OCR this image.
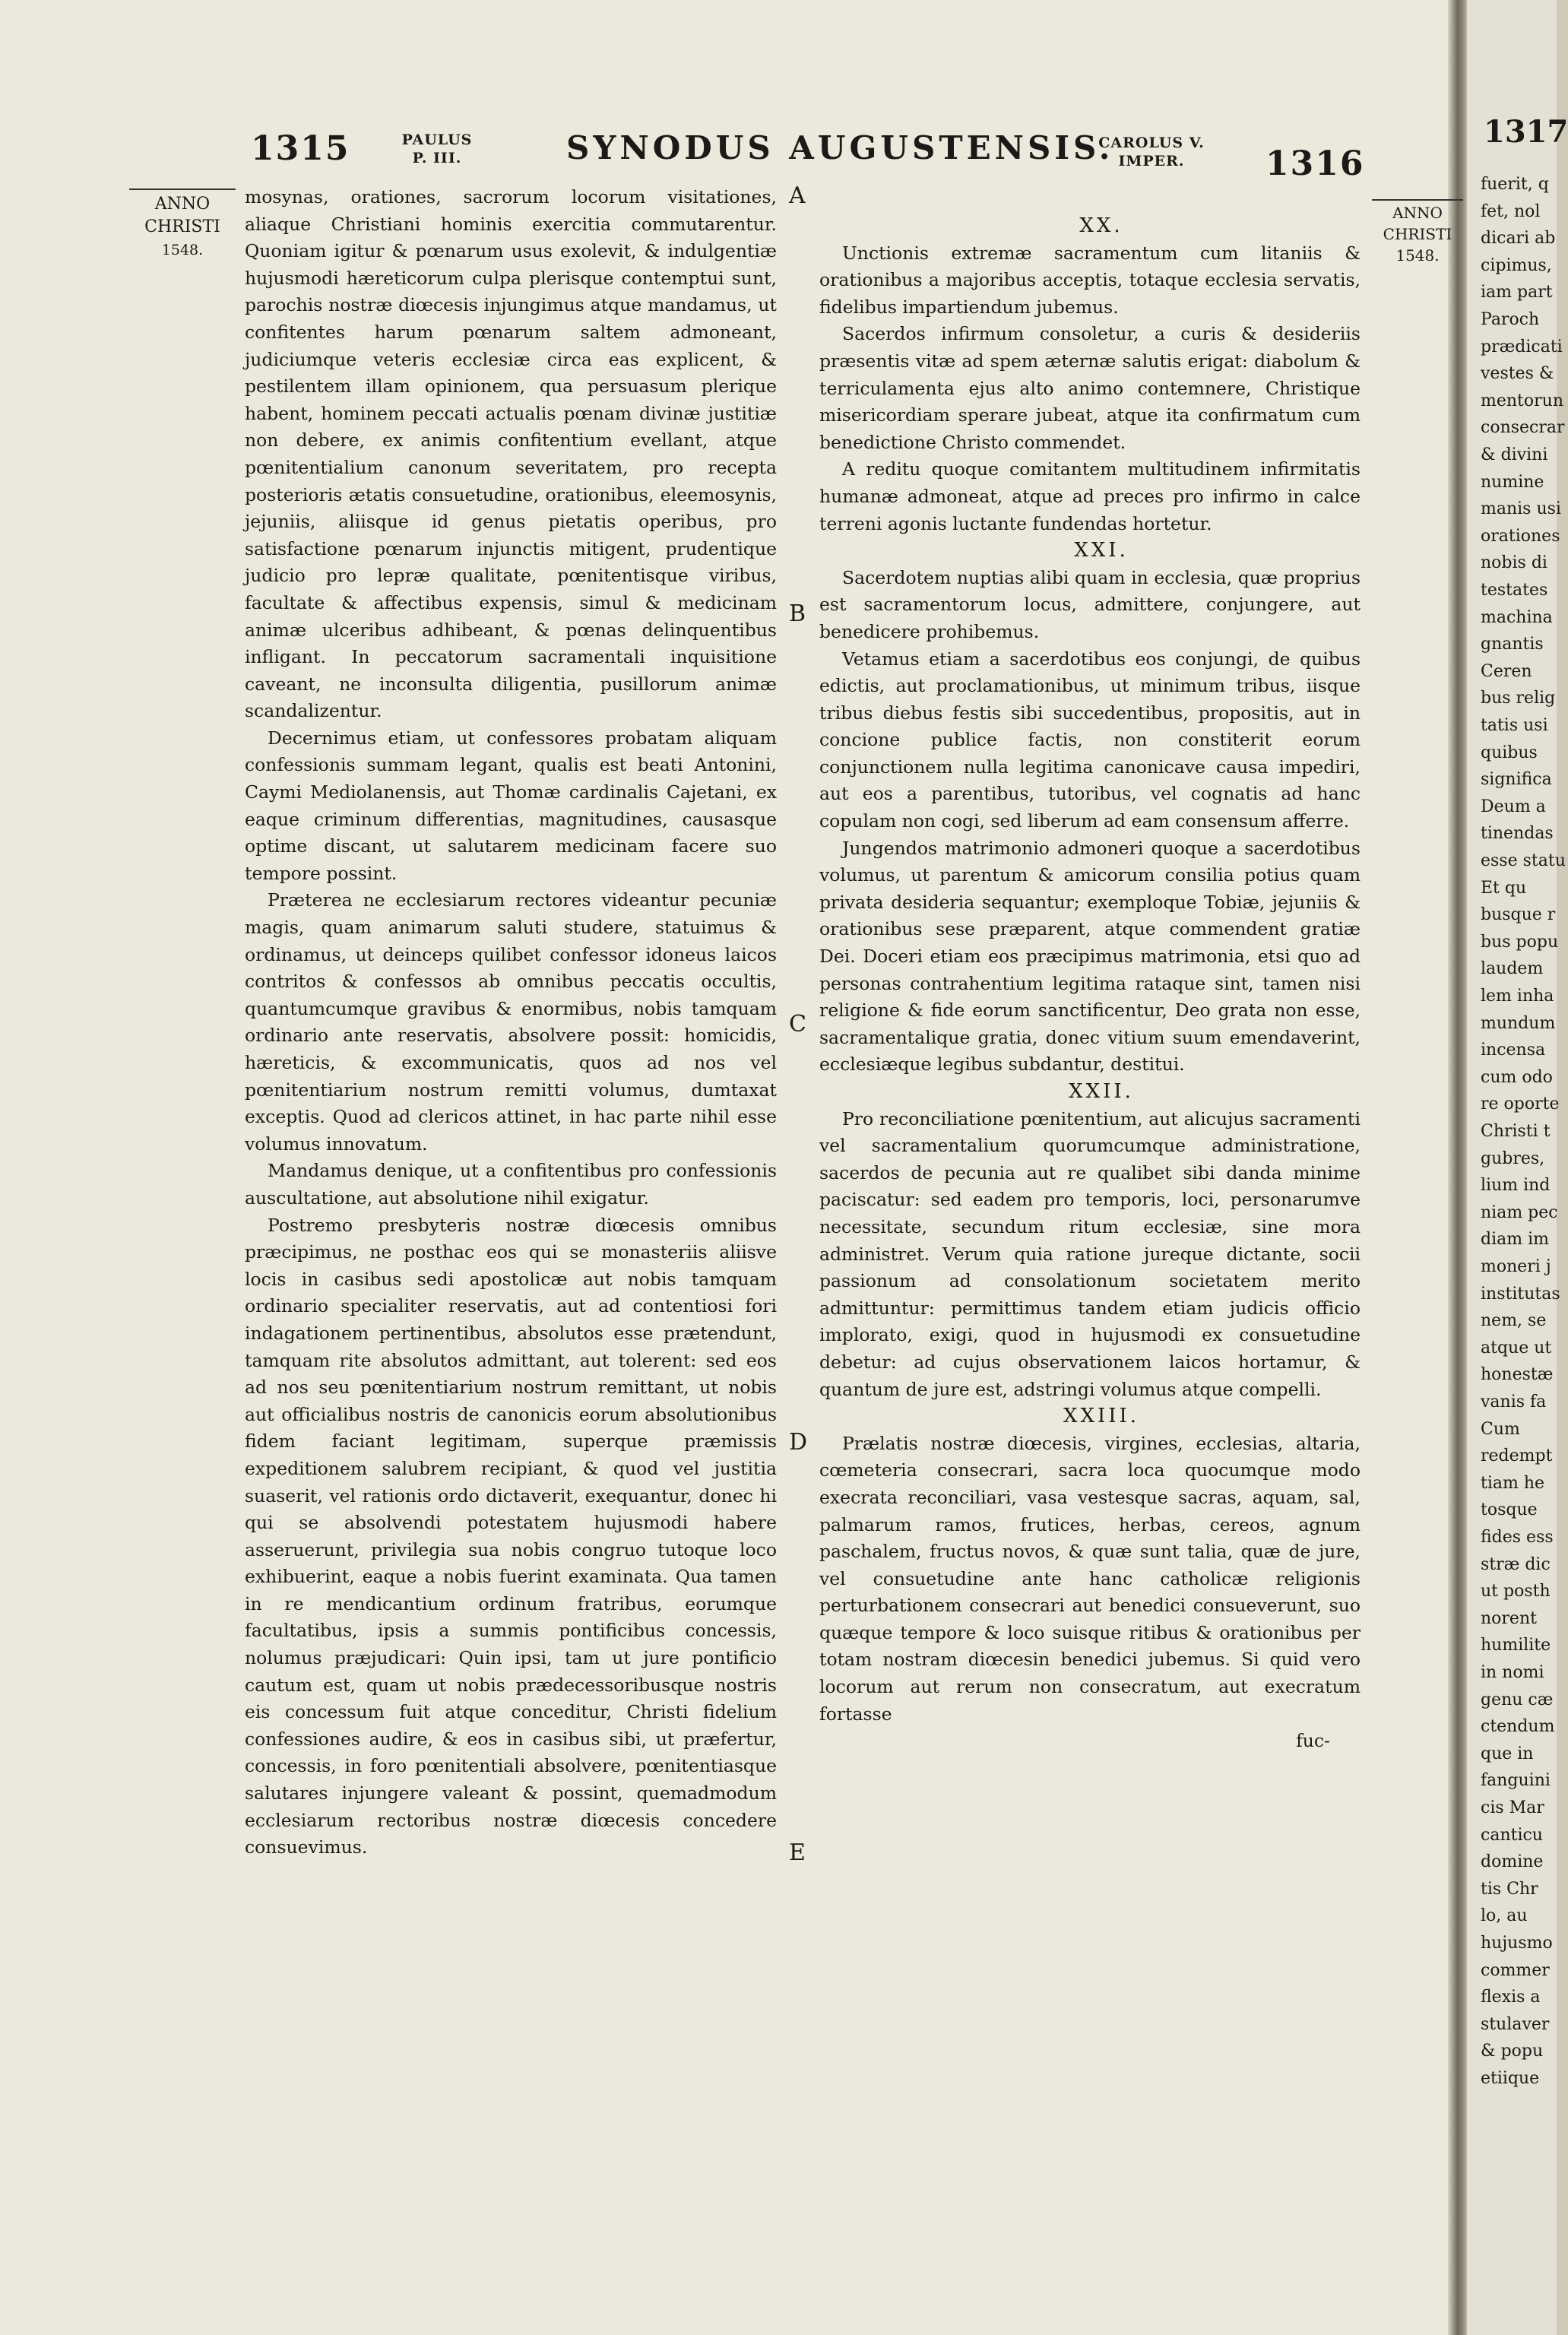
1315	PAULUS
P. III.	SYNODUS AUGUSTENSIS.
CAROLUS V.
IMPER.	1316
ANNO
CHRISTI
1548.
A
B
C
D
E

mosynas, orationes, sacrorum locorum visitationes, aliaque Christiani hominis exercitia commutarentur. Quoniam igitur & pœnarum usus exolevit, & indulgentiæ hujusmodi hæreticorum culpa plerisque contemptui sunt, parochis nostræ diœcesis injungimus atque mandamus, ut confitentes harum pœnarum saltem admoneant, judiciumque veteris ecclesiæ circa eas explicent, & pestilentem illam opinionem, qua persuasum plerique habent, hominem peccati actualis pœnam divinæ justitiæ non debere, ex animis confitentium evellant, atque pœnitentialium canonum severitatem, pro recepta posterioris ætatis consuetudine, orationibus, eleemosynis, jejuniis, aliisque id genus pietatis operibus, pro satisfactione pœnarum injunctis mitigent, prudentique judicio pro lepræ qualitate, pœnitentisque viribus, facultate & affectibus expensis, simul & medicinam animæ ulceribus adhibeant, & pœnas delinquentibus infligant. In peccatorum sacramentali inquisitione caveant, ne inconsulta diligentia, pusillorum animæ scandalizentur.

Decernimus etiam, ut confessores probatam aliquam confessionis summam legant, qualis est beati Antonini, Caymi Mediolanensis, aut Thomæ cardinalis Cajetani, ex eaque criminum differentias, magnitudines, causasque optime discant, ut salutarem medicinam facere suo tempore possint.

Præterea ne ecclesiarum rectores videantur pecuniæ magis, quam animarum saluti studere, statuimus & ordinamus, ut deinceps quilibet confessor idoneus laicos contritos & confessos ab omnibus peccatis occultis, quantumcumque gravibus & enormibus, nobis tamquam ordinario ante reservatis, absolvere possit: homicidis, hæreticis, & excommunicatis, quos ad nos vel pœnitentiarium nostrum remitti volumus, dumtaxat exceptis. Quod ad clericos attinet, in hac parte nihil esse volumus innovatum.

Mandamus denique, ut a confitentibus pro confessionis auscultatione, aut absolutione nihil exigatur.

Postremo presbyteris nostræ diœcesis omnibus præcipimus, ne posthac eos qui se monasteriis aliisve locis in casibus sedi apostolicæ aut nobis tamquam ordinario specialiter reservatis, aut ad contentiosi fori indagationem pertinentibus, absolutos esse prætendunt, tamquam rite absolutos admittant, aut tolerent: sed eos ad nos seu pœnitentiarium nostrum remittant, ut nobis aut officialibus nostris de canonicis eorum absolutionibus fidem faciant legitimam, superque præmissis expeditionem salubrem recipiant, & quod vel justitia suaserit, vel rationis ordo dictaverit, exequantur, donec hi qui se absolvendi potestatem hujusmodi habere asseruerunt, privilegia sua nobis congruo tutoque loco exhibuerint, eaque a nobis fuerint examinata. Qua tamen in re mendicantium ordinum fratribus, eorumque facultatibus, ipsis a summis pontificibus concessis, nolumus præjudicari: Quin ipsi, tam ut jure pontificio cautum est, quam ut nobis prædecessoribusque nostris eis concessum fuit atque conceditur, Christi fidelium confessiones audire, & eos in casibus sibi, ut præfertur, concessis, in foro pœnitentiali absolvere, pœnitentiasque salutares injungere valeant & possint, quemadmodum ecclesiarum rectoribus nostræ diœcesis concedere consuevimus.

XX.

Unctionis extremæ sacramentum cum litaniis & orationibus a majoribus acceptis, totaque ecclesia servatis, fidelibus impartiendum jubemus.

Sacerdos infirmum consoletur, a curis & desideriis præsentis vitæ ad spem æternæ salutis erigat: diabolum & terriculamenta ejus alto animo contemnere, Christique misericordiam sperare jubeat, atque ita confirmatum cum benedictione Christo commendet.

A reditu quoque comitantem multitudinem infirmitatis humanæ admoneat, atque ad preces pro infirmo in calce terreni agonis luctante fundendas hortetur.

XXI.

Sacerdotem nuptias alibi quam in ecclesia, quæ proprius est sacramentorum locus, admittere, conjungere, aut benedicere prohibemus.

Vetamus etiam a sacerdotibus eos conjungi, de quibus edictis, aut proclamationibus, ut minimum tribus, iisque tribus diebus festis sibi succedentibus, propositis, aut in concione publice factis, non constiterit eorum conjunctionem nulla legitima canonicave causa impediri, aut eos a parentibus, tutoribus, vel cognatis ad hanc copulam non cogi, sed liberum ad eam consensum afferre.

Jungendos matrimonio admoneri quoque a sacerdotibus volumus, ut parentum & amicorum consilia potius quam privata desideria sequantur; exemploque Tobiæ, jejuniis & orationibus sese præparent, atque commendent gratiæ Dei. Doceri etiam eos præcipimus matrimonia, etsi quo ad personas contrahentium legitima rataque sint, tamen nisi religione & fide eorum sanctificentur, Deo grata non esse, sacramentalique gratia, donec vitium suum emendaverint, ecclesiæque legibus subdantur, destitui.

XXII.

Pro reconciliatione pœnitentium, aut alicujus sacramenti vel sacramentalium quorumcumque administratione, sacerdos de pecunia aut re qualibet sibi danda minime paciscatur: sed eadem pro temporis, loci, personarumve necessitate, secundum ritum ecclesiæ, sine mora administret. Verum quia ratione jureque dictante, socii passionum ad consolationum societatem merito admittuntur: permittimus tandem etiam judicis officio implorato, exigi, quod in hujusmodi ex consuetudine debetur: ad cujus observationem laicos hortamur, & quantum de jure est, adstringi volumus atque compelli.

XXIII.

Prælatis nostræ diœcesis, virgines, ecclesias, altaria, cœmeteria consecrari, sacra loca quocumque modo execrata reconciliari, vasa vestesque sacras, aquam, sal, palmarum ramos, frutices, herbas, cereos, agnum paschalem, fructus novos, & quæ sunt talia, quæ de jure, vel consuetudine ante hanc catholicæ religionis perturbationem consecrari aut benedici consueverunt, suo quæque tempore & loco suisque ritibus & orationibus per totam nostram diœcesin benedici jubemus. Si quid vero locorum aut rerum non consecratum, aut execratum fortasse

fuc-

1317
fuerit, q
fet, nol
dicari ab
cipimus,
iam part
Paroch
prædicati
vestes &
mentorun
consecrar
& divini
numine
manis usi
orationes
nobis di
testates
machina
gnantis
Ceren
bus relig
tatis usi
quibus
significa
Deum a
tinendas
esse statu
Et qu
busque r
bus popu
laudem
lem inha
mundum
incensa
cum odo
re oporte
Christi t
gubres,
lium ind
niam pec
diam im
moneri j
institutas
nem, se
atque ut
honestæ
vanis fa
Cum
redempt
tiam he
tosque
fides ess
stræ dic
ut posth
norent
humilite
in nomi
genu cæ
ctendum
que in
fanguini
cis Mar
canticu
domine
tis Chr
lo, au
hujusmo
commer
flexis a
stulaver
& popu
etiique
ANNO
CHRISTI
1548.
